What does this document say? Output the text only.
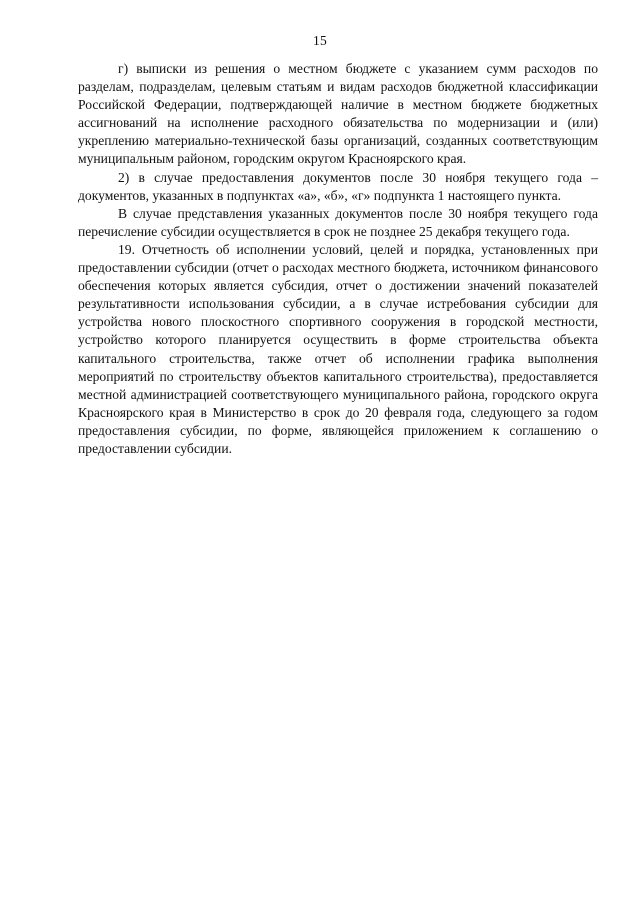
15

г) выписки из решения о местном бюджете с указанием сумм расходов по разделам, подразделам, целевым статьям и видам расходов бюджетной классификации Российской Федерации, подтверждающей наличие в местном бюджете бюджетных ассигнований на исполнение расходного обязательства по модернизации и (или) укреплению материально-технической базы организаций, созданных соответствующим муниципальным районом, городским округом Красноярского края.

2) в случае предоставления документов после 30 ноября текущего года – документов, указанных в подпунктах «а», «б», «г» подпункта 1 настоящего пункта.

В случае представления указанных документов после 30 ноября текущего года перечисление субсидии осуществляется в срок не позднее 25 декабря текущего года.

19. Отчетность об исполнении условий, целей и порядка, установленных при предоставлении субсидии (отчет о расходах местного бюджета, источником финансового обеспечения которых является субсидия, отчет о достижении значений показателей результативности использования субсидии, а в случае истребования субсидии для устройства нового плоскостного спортивного сооружения в городской местности, устройство которого планируется осуществить в форме строительства объекта капитального строительства, также отчет об исполнении графика выполнения мероприятий по строительству объектов капитального строительства), предоставляется местной администрацией соответствующего муниципального района, городского округа Красноярского края в Министерство в срок до 20 февраля года, следующего за годом предоставления субсидии, по форме, являющейся приложением к соглашению о предоставлении субсидии.
